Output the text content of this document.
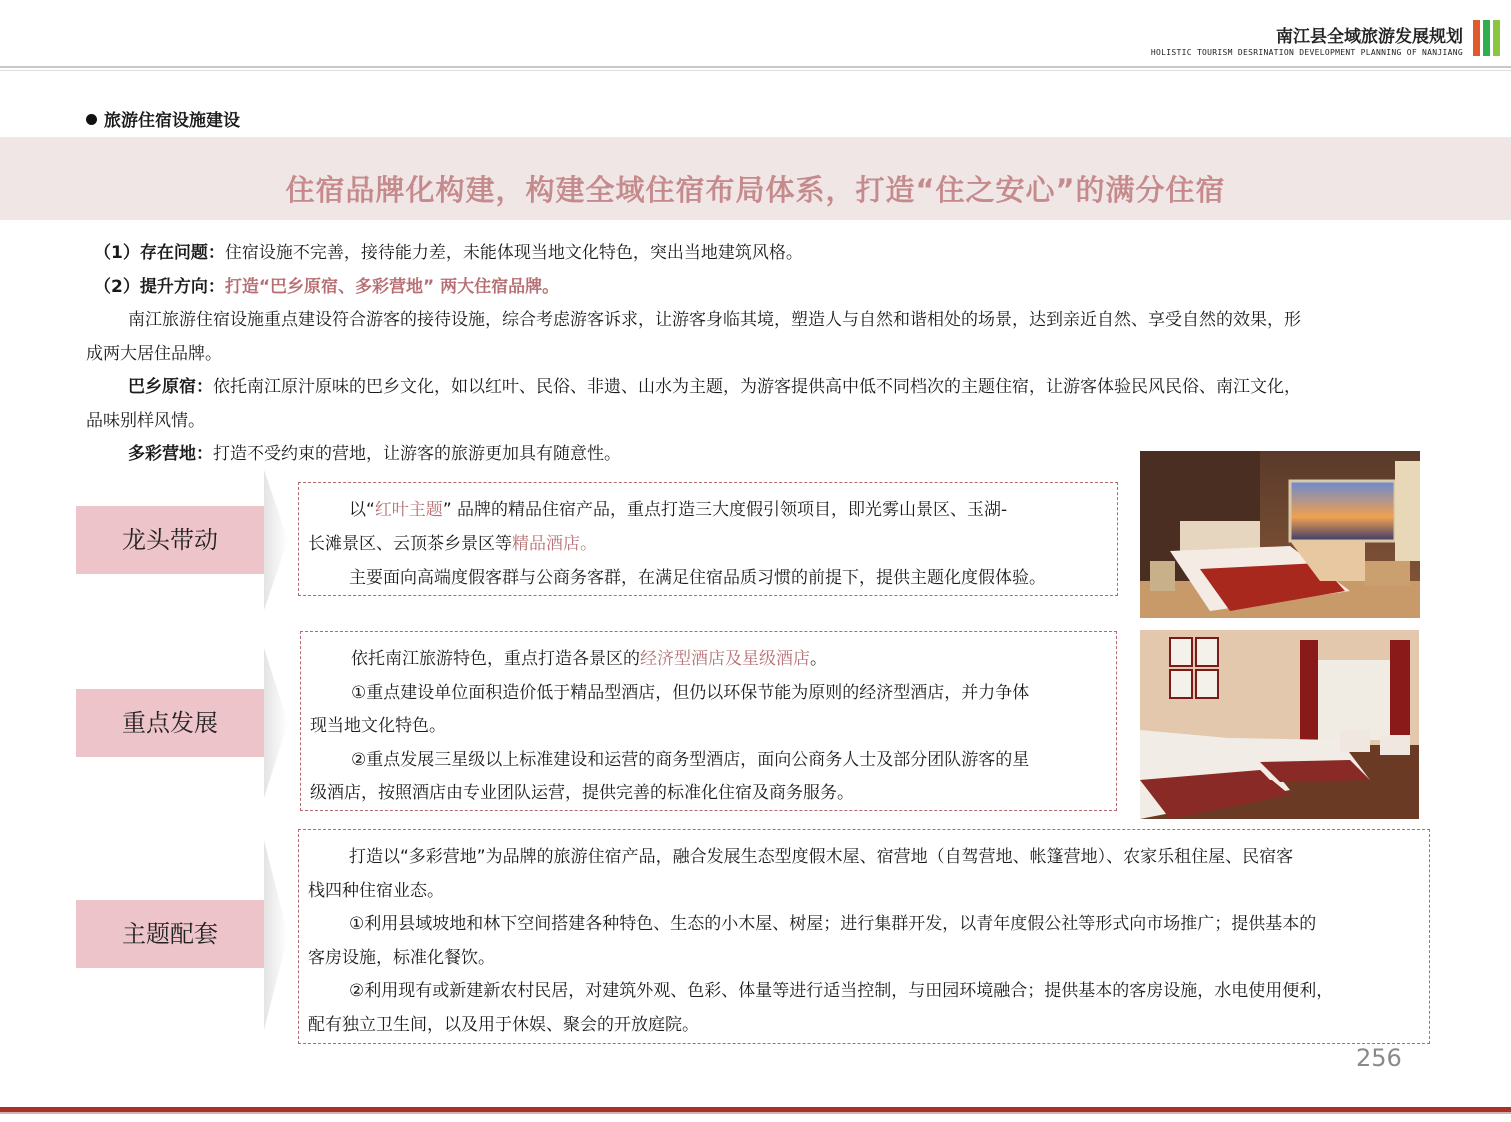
南江县全域旅游发展规划
HOLISTIC TOURISM DESRINATION DEVELOPMENT PLANNING OF NANJIANG
旅游住宿设施建设
住宿品牌化构建，构建全域住宿布局体系，打造“住之安心”的满分住宿
（1）存在问题：住宿设施不完善，接待能力差，未能体现当地文化特色，突出当地建筑风格。
（2）提升方向：打造“巴乡原宿、多彩营地” 两大住宿品牌。
南江旅游住宿设施重点建设符合游客的接待设施，综合考虑游客诉求，让游客身临其境，塑造人与自然和谐相处的场景，达到亲近自然、享受自然的效果，形
成两大居住品牌。
巴乡原宿：依托南江原汁原味的巴乡文化，如以红叶、民俗、非遗、山水为主题，为游客提供高中低不同档次的主题住宿，让游客体验民风民俗、南江文化，
品味别样风情。
多彩营地：打造不受约束的营地，让游客的旅游更加具有随意性。
龙头带动
以“红叶主题” 品牌的精品住宿产品，重点打造三大度假引领项目，即光雾山景区、玉湖-
长滩景区、云顶茶乡景区等精品酒店。
主要面向高端度假客群与公商务客群，在满足住宿品质习惯的前提下，提供主题化度假体验。
重点发展
依托南江旅游特色，重点打造各景区的经济型酒店及星级酒店。
①重点建设单位面积造价低于精品型酒店，但仍以环保节能为原则的经济型酒店，并力争体
现当地文化特色。
②重点发展三星级以上标准建设和运营的商务型酒店，面向公商务人士及部分团队游客的星
级酒店，按照酒店由专业团队运营，提供完善的标准化住宿及商务服务。
主题配套
打造以“多彩营地”为品牌的旅游住宿产品，融合发展生态型度假木屋、宿营地（自驾营地、帐篷营地）、农家乐租住屋、民宿客
栈四种住宿业态。
①利用县域坡地和林下空间搭建各种特色、生态的小木屋、树屋；进行集群开发，以青年度假公社等形式向市场推广；提供基本的
客房设施，标准化餐饮。
②利用现有或新建新农村民居，对建筑外观、色彩、体量等进行适当控制，与田园环境融合；提供基本的客房设施，水电使用便利，
配有独立卫生间，以及用于休娱、聚会的开放庭院。
256
